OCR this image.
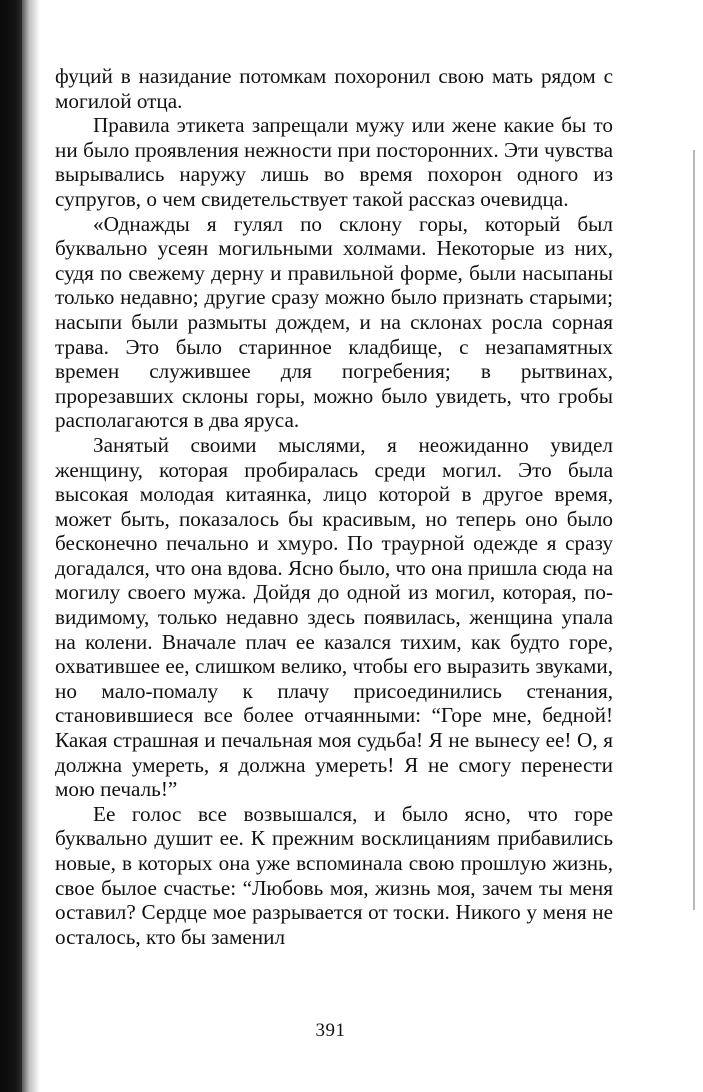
фуций в назидание потомкам похоронил свою мать рядом с могилой отца.

Правила этикета запрещали мужу или жене какие бы то ни было проявления нежности при посторонних. Эти чувства вырывались наружу лишь во время похорон одного из супругов, о чем свидетельствует такой рассказ очевидца.

«Однажды я гулял по склону горы, который был буквально усеян могильными холмами. Некоторые из них, судя по свежему дерну и правильной форме, были насыпаны только недавно; другие сразу можно было признать старыми; насыпи были размыты дождем, и на склонах росла сорная трава. Это было старинное кладбище, с незапамятных времен служившее для погребения; в рытвинах, прорезавших склоны горы, можно было увидеть, что гробы располагаются в два яруса.

Занятый своими мыслями, я неожиданно увидел женщину, которая пробиралась среди могил. Это была высокая молодая китаянка, лицо которой в другое время, может быть, показалось бы красивым, но теперь оно было бесконечно печально и хмуро. По траурной одежде я сразу догадался, что она вдова. Ясно было, что она пришла сюда на могилу своего мужа. Дойдя до одной из могил, которая, по-видимому, только недавно здесь появилась, женщина упала на колени. Вначале плач ее казался тихим, как будто горе, охватившее ее, слишком велико, чтобы его выразить звуками, но мало-помалу к плачу присоединились стенания, становившиеся все более отчаянными: “Горе мне, бедной! Какая страшная и печальная моя судьба! Я не вынесу ее! О, я должна умереть, я должна умереть! Я не смогу перенести мою печаль!”

Ее голос все возвышался, и было ясно, что горе буквально душит ее. К прежним восклицаниям прибавились новые, в которых она уже вспоминала свою прошлую жизнь, свое былое счастье: “Любовь моя, жизнь моя, зачем ты меня оставил? Сердце мое разрывается от тоски. Никого у меня не осталось, кто бы заменил

391
